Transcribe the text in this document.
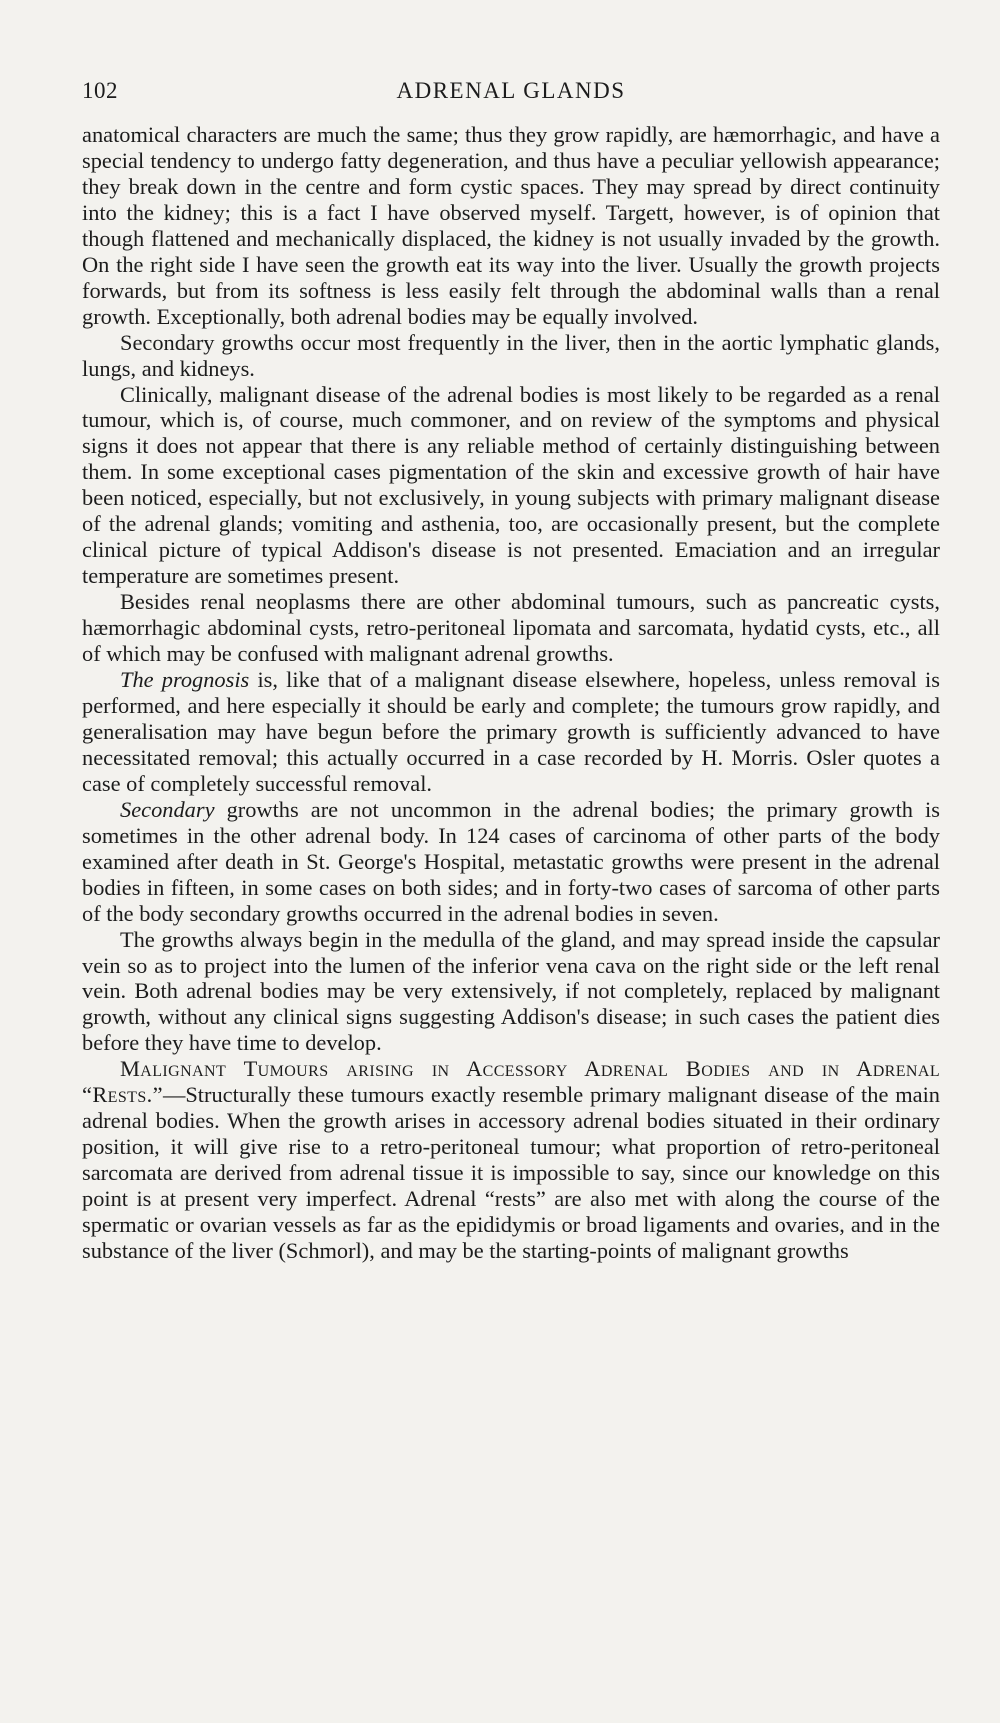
102	ADRENAL GLANDS

anatomical characters are much the same; thus they grow rapidly, are hæmorrhagic, and have a special tendency to undergo fatty degeneration, and thus have a peculiar yellowish appearance; they break down in the centre and form cystic spaces. They may spread by direct continuity into the kidney; this is a fact I have observed myself. Targett, however, is of opinion that though flattened and mechanically displaced, the kidney is not usually invaded by the growth. On the right side I have seen the growth eat its way into the liver. Usually the growth projects forwards, but from its softness is less easily felt through the abdominal walls than a renal growth. Exceptionally, both adrenal bodies may be equally involved.

Secondary growths occur most frequently in the liver, then in the aortic lymphatic glands, lungs, and kidneys.

Clinically, malignant disease of the adrenal bodies is most likely to be regarded as a renal tumour, which is, of course, much commoner, and on review of the symptoms and physical signs it does not appear that there is any reliable method of certainly distinguishing between them. In some exceptional cases pigmentation of the skin and excessive growth of hair have been noticed, especially, but not exclusively, in young subjects with primary malignant disease of the adrenal glands; vomiting and asthenia, too, are occasionally present, but the complete clinical picture of typical Addison's disease is not presented. Emaciation and an irregular temperature are sometimes present.

Besides renal neoplasms there are other abdominal tumours, such as pancreatic cysts, hæmorrhagic abdominal cysts, retro-peritoneal lipomata and sarcomata, hydatid cysts, etc., all of which may be confused with malignant adrenal growths.

The prognosis is, like that of a malignant disease elsewhere, hopeless, unless removal is performed, and here especially it should be early and complete; the tumours grow rapidly, and generalisation may have begun before the primary growth is sufficiently advanced to have necessitated removal; this actually occurred in a case recorded by H. Morris. Osler quotes a case of completely successful removal.

Secondary growths are not uncommon in the adrenal bodies; the primary growth is sometimes in the other adrenal body. In 124 cases of carcinoma of other parts of the body examined after death in St. George's Hospital, metastatic growths were present in the adrenal bodies in fifteen, in some cases on both sides; and in forty-two cases of sarcoma of other parts of the body secondary growths occurred in the adrenal bodies in seven.

The growths always begin in the medulla of the gland, and may spread inside the capsular vein so as to project into the lumen of the inferior vena cava on the right side or the left renal vein. Both adrenal bodies may be very extensively, if not completely, replaced by malignant growth, without any clinical signs suggesting Addison's disease; in such cases the patient dies before they have time to develop.

Malignant Tumours arising in Accessory Adrenal Bodies and in Adrenal “Rests.”—Structurally these tumours exactly resemble primary malignant disease of the main adrenal bodies. When the growth arises in accessory adrenal bodies situated in their ordinary position, it will give rise to a retro-peritoneal tumour; what proportion of retro-peritoneal sarcomata are derived from adrenal tissue it is impossible to say, since our knowledge on this point is at present very imperfect. Adrenal “rests” are also met with along the course of the spermatic or ovarian vessels as far as the epididymis or broad ligaments and ovaries, and in the substance of the liver (Schmorl), and may be the starting-points of malignant growths
